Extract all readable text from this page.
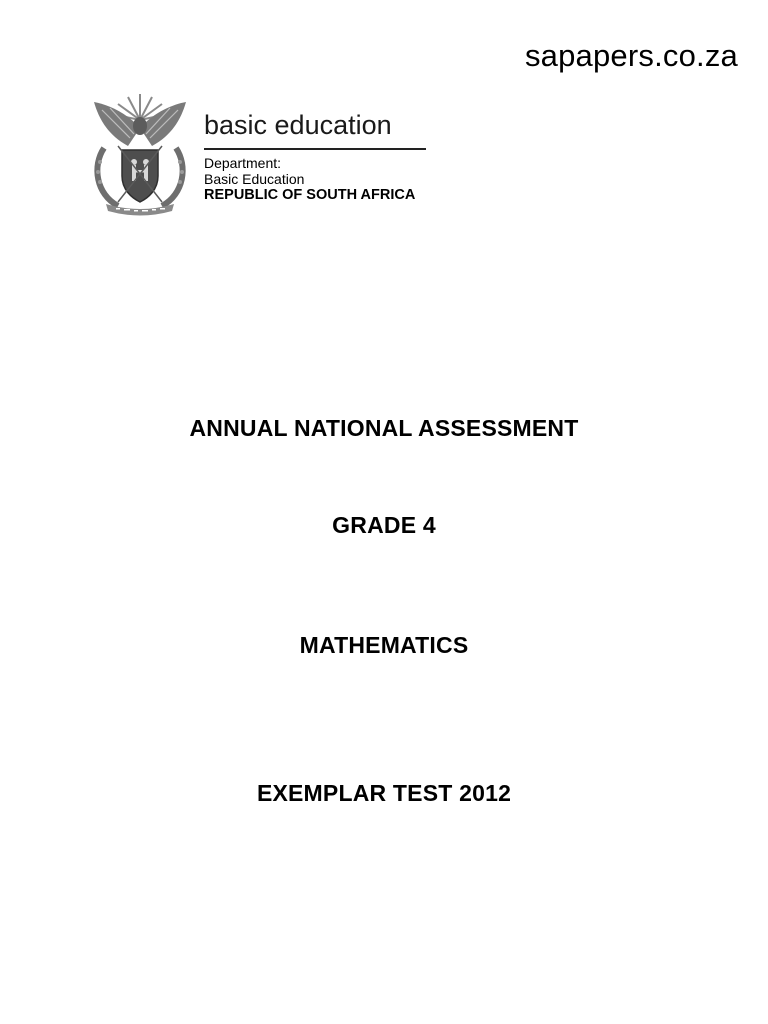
sapapers.co.za
basic education
Department:
Basic Education
REPUBLIC OF SOUTH AFRICA
ANNUAL NATIONAL ASSESSMENT
GRADE 4
MATHEMATICS
EXEMPLAR TEST 2012
